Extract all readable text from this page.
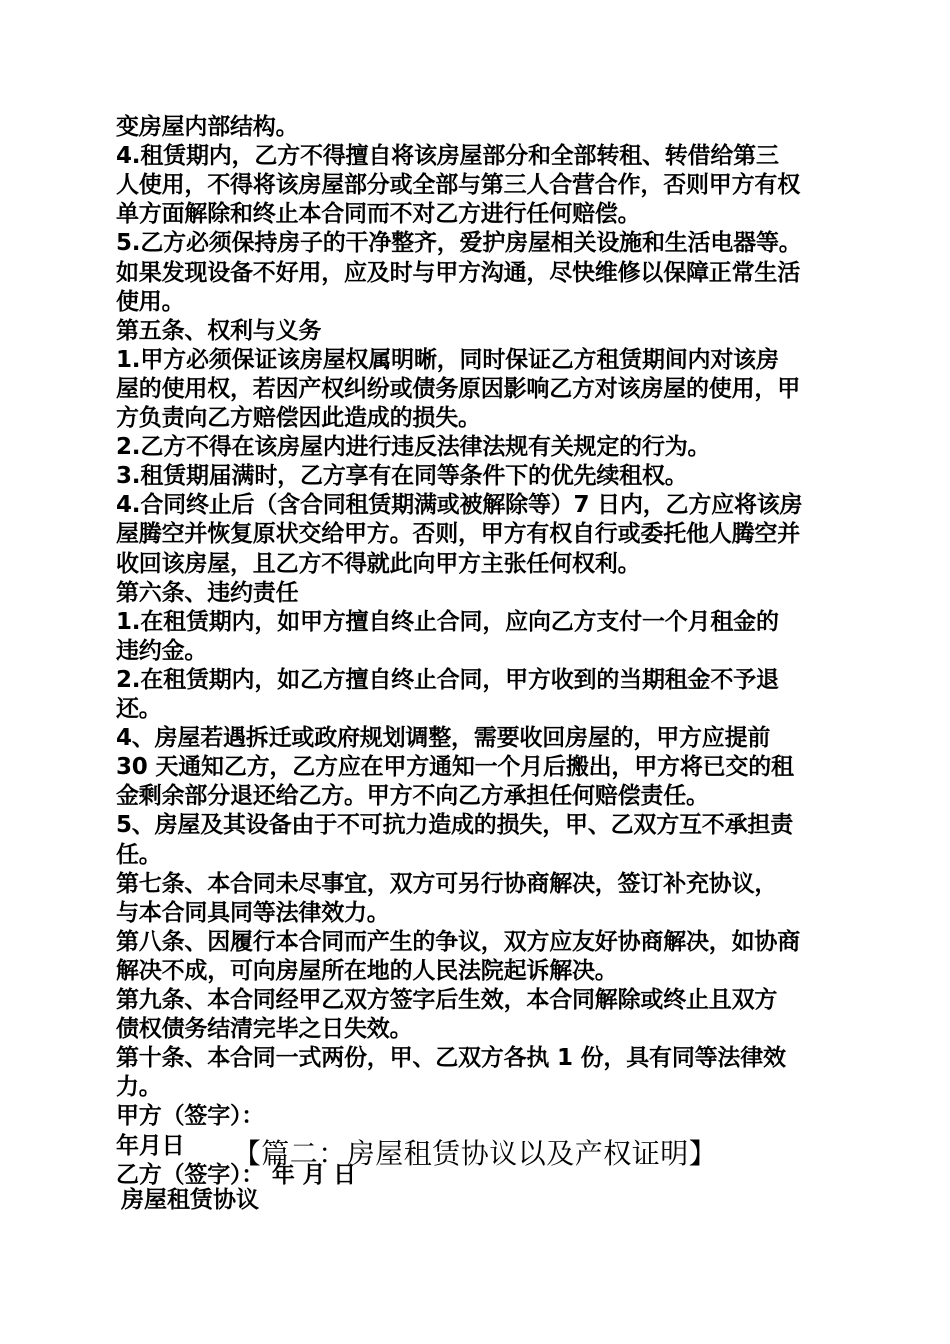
变房屋内部结构。
4.租赁期内，乙方不得擅自将该房屋部分和全部转租、转借给第三
人使用，不得将该房屋部分或全部与第三人合营合作，否则甲方有权
单方面解除和终止本合同而不对乙方进行任何赔偿。
5.乙方必须保持房子的干净整齐，爱护房屋相关设施和生活电器等。
如果发现设备不好用，应及时与甲方沟通，尽快维修以保障正常生活
使用。
第五条、权利与义务
1.甲方必须保证该房屋权属明晰，同时保证乙方租赁期间内对该房
屋的使用权，若因产权纠纷或债务原因影响乙方对该房屋的使用，甲
方负责向乙方赔偿因此造成的损失。
2.乙方不得在该房屋内进行违反法律法规有关规定的行为。
3.租赁期届满时，乙方享有在同等条件下的优先续租权。
4.合同终止后（含合同租赁期满或被解除等）7 日内，乙方应将该房
屋腾空并恢复原状交给甲方。否则，甲方有权自行或委托他人腾空并
收回该房屋，且乙方不得就此向甲方主张任何权利。
第六条、违约责任
1.在租赁期内，如甲方擅自终止合同，应向乙方支付一个月租金的
违约金。
2.在租赁期内，如乙方擅自终止合同，甲方收到的当期租金不予退
还。
4、房屋若遇拆迁或政府规划调整，需要收回房屋的，甲方应提前
30 天通知乙方，乙方应在甲方通知一个月后搬出，甲方将已交的租
金剩余部分退还给乙方。甲方不向乙方承担任何赔偿责任。
5、房屋及其设备由于不可抗力造成的损失，甲、乙双方互不承担责
任。
第七条、本合同未尽事宜，双方可另行协商解决，签订补充协议，
与本合同具同等法律效力。
第八条、因履行本合同而产生的争议，双方应友好协商解决，如协商
解决不成，可向房屋所在地的人民法院起诉解决。
第九条、本合同经甲乙双方签字后生效，本合同解除或终止且双方
债权债务结清完毕之日失效。
第十条、本合同一式两份，甲、乙双方各执 1 份，具有同等法律效
力。
甲方（签字）：
年月日
乙方（签字）： 年 月 日
【篇二：房屋租赁协议以及产权证明】
房屋租赁协议
